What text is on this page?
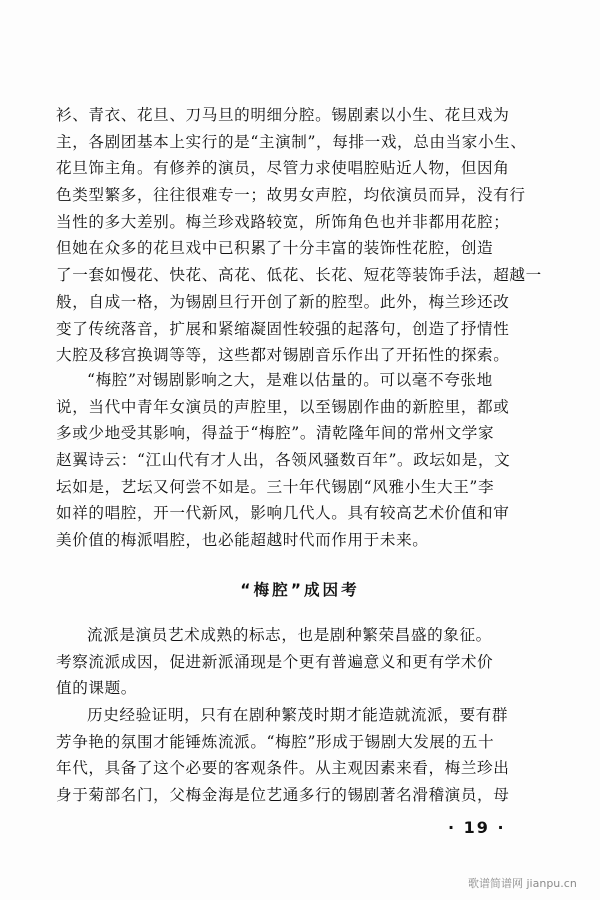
衫、青衣、花旦、刀马旦的明细分腔。锡剧素以小生、花旦戏为
主，各剧团基本上实行的是“主演制”，每排一戏，总由当家小生、
花旦饰主角。有修养的演员，尽管力求使唱腔贴近人物，但因角
色类型繁多，往往很难专一；故男女声腔，均依演员而异，没有行
当性的多大差别。梅兰珍戏路较宽，所饰角色也并非都用花腔；
但她在众多的花旦戏中已积累了十分丰富的装饰性花腔，创造
了一套如慢花、快花、高花、低花、长花、短花等装饰手法，超越一
般，自成一格，为锡剧旦行开创了新的腔型。此外，梅兰珍还改
变了传统落音，扩展和紧缩凝固性较强的起落句，创造了抒情性
大腔及移宫换调等等，这些都对锡剧音乐作出了开拓性的探索。
“梅腔”对锡剧影响之大，是难以估量的。可以毫不夸张地
说，当代中青年女演员的声腔里，以至锡剧作曲的新腔里，都或
多或少地受其影响，得益于“梅腔”。清乾隆年间的常州文学家
赵翼诗云：“江山代有才人出，各领风骚数百年”。政坛如是，文
坛如是，艺坛又何尝不如是。三十年代锡剧“风雅小生大王”李
如祥的唱腔，开一代新风，影响几代人。具有较高艺术价值和审
美价值的梅派唱腔，也必能超越时代而作用于未来。
“梅腔”成因考
流派是演员艺术成熟的标志，也是剧种繁荣昌盛的象征。
考察流派成因，促进新派涌现是个更有普遍意义和更有学术价
值的课题。
历史经验证明，只有在剧种繁茂时期才能造就流派，要有群
芳争艳的氛围才能锤炼流派。“梅腔”形成于锡剧大发展的五十
年代，具备了这个必要的客观条件。从主观因素来看，梅兰珍出
身于菊部名门，父梅金海是位艺通多行的锡剧著名滑稽演员，母
· 19 ·
歌谱简谱网 jianpu.cn
